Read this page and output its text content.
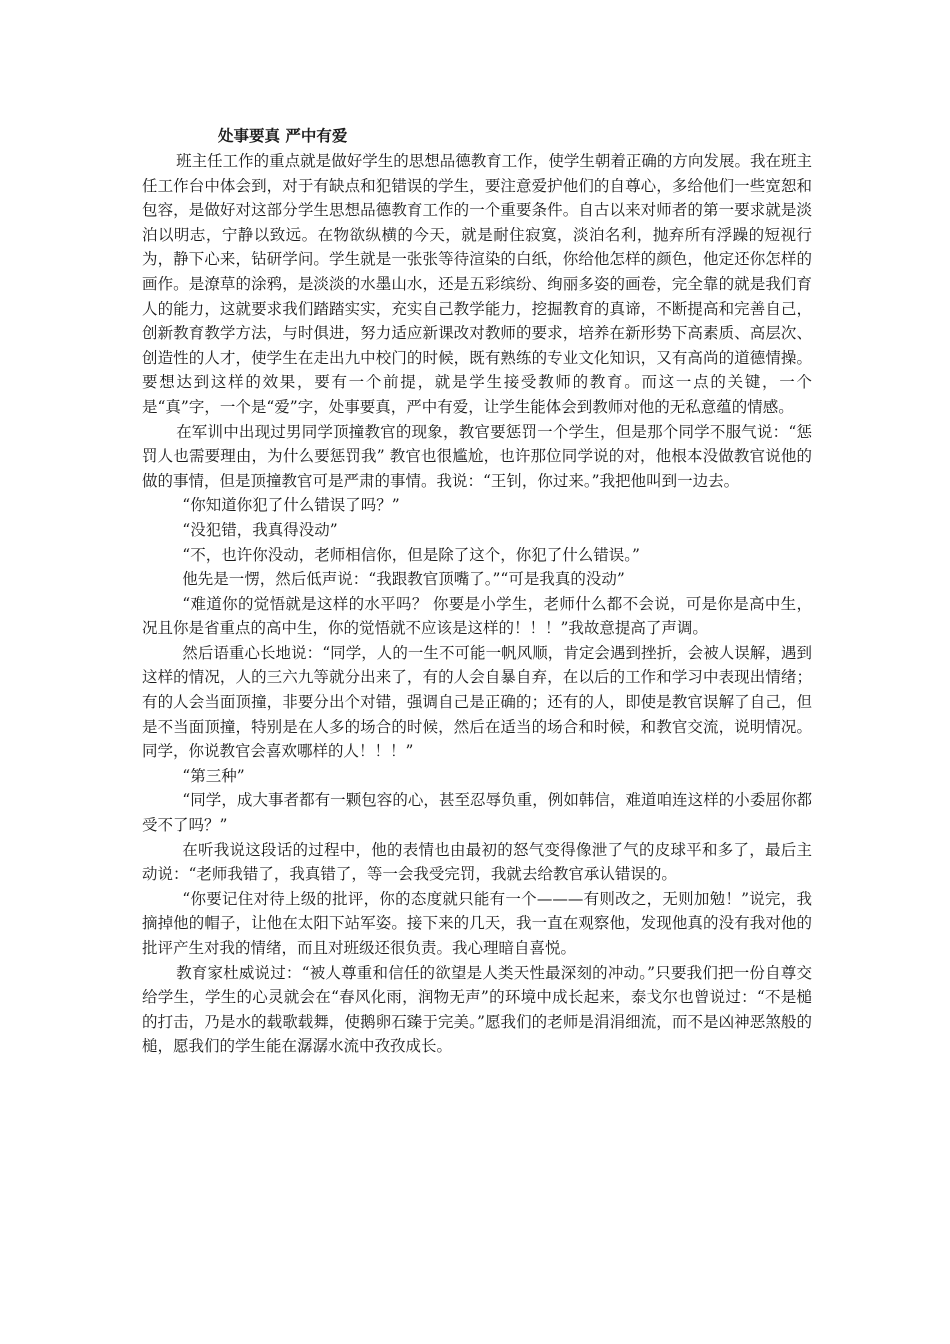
处事要真 严中有爱

班主任工作的重点就是做好学生的思想品德教育工作，使学生朝着正确的方向发展。我在班主任工作台中体会到，对于有缺点和犯错误的学生，要注意爱护他们的自尊心，多给他们一些宽恕和包容，是做好对这部分学生思想品德教育工作的一个重要条件。自古以来对师者的第一要求就是淡泊以明志，宁静以致远。在物欲纵横的今天，就是耐住寂寞，淡泊名利，抛弃所有浮躁的短视行为，静下心来，钻研学问。学生就是一张张等待渲染的白纸，你给他怎样的颜色，他定还你怎样的画作。是潦草的涂鸦，是淡淡的水墨山水，还是五彩缤纷、绚丽多姿的画卷，完全靠的就是我们育人的能力，这就要求我们踏踏实实，充实自己教学能力，挖掘教育的真谛，不断提高和完善自己，创新教育教学方法，与时俱进，努力适应新课改对教师的要求，培养在新形势下高素质、高层次、创造性的人才，使学生在走出九中校门的时候，既有熟练的专业文化知识，又有高尚的道德情操。要想达到这样的效果，要有一个前提，就是学生接受教师的教育。而这一点的关键，一个是“真”字，一个是“爱”字，处事要真，严中有爱，让学生能体会到教师对他的无私意蕴的情感。

在军训中出现过男同学顶撞教官的现象，教官要惩罚一个学生，但是那个同学不服气说：“惩罚人也需要理由，为什么要惩罚我” 教官也很尴尬，也许那位同学说的对，他根本没做教官说他的做的事情，但是顶撞教官可是严肃的事情。我说：“王钊，你过来。”我把他叫到一边去。

“你知道你犯了什么错误了吗？”

“没犯错，我真得没动”

“不，也许你没动，老师相信你，但是除了这个，你犯了什么错误。”

他先是一愣，然后低声说：“我跟教官顶嘴了。”“可是我真的没动”

“难道你的觉悟就是这样的水平吗？ 你要是小学生，老师什么都不会说，可是你是高中生，况且你是省重点的高中生，你的觉悟就不应该是这样的！！！”我故意提高了声调。

然后语重心长地说：“同学，人的一生不可能一帆风顺，肯定会遇到挫折，会被人误解，遇到这样的情况，人的三六九等就分出来了，有的人会自暴自弃，在以后的工作和学习中表现出情绪；有的人会当面顶撞，非要分出个对错，强调自己是正确的；还有的人，即使是教官误解了自己，但是不当面顶撞，特别是在人多的场合的时候，然后在适当的场合和时候，和教官交流，说明情况。同学，你说教官会喜欢哪样的人！！！”

“第三种”

“同学，成大事者都有一颗包容的心，甚至忍辱负重，例如韩信，难道咱连这样的小委屈你都受不了吗？”

在听我说这段话的过程中，他的表情也由最初的怒气变得像泄了气的皮球平和多了，最后主动说：“老师我错了，我真错了，等一会我受完罚，我就去给教官承认错误的。

“你要记住对待上级的批评，你的态度就只能有一个———有则改之，无则加勉！”说完，我摘掉他的帽子，让他在太阳下站军姿。接下来的几天，我一直在观察他，发现他真的没有我对他的批评产生对我的情绪，而且对班级还很负责。我心理暗自喜悦。

教育家杜威说过：“被人尊重和信任的欲望是人类天性最深刻的冲动。”只要我们把一份自尊交给学生，学生的心灵就会在“春风化雨，润物无声”的环境中成长起来，泰戈尔也曾说过：“不是槌的打击，乃是水的载歌载舞，使鹅卵石臻于完美。”愿我们的老师是涓涓细流，而不是凶神恶煞般的槌，愿我们的学生能在潺潺水流中孜孜成长。
